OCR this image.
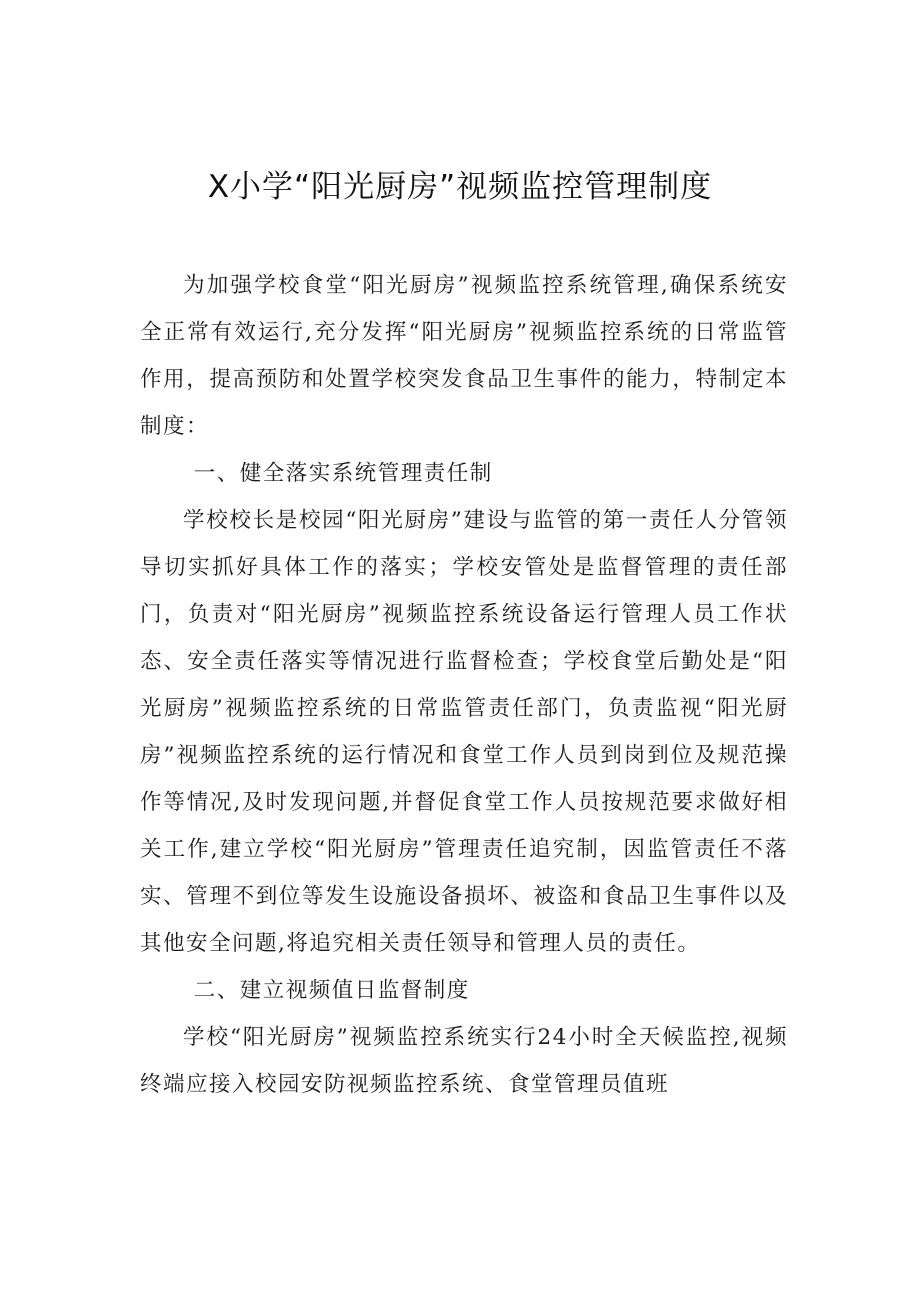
X小学“阳光厨房”视频监控管理制度

为加强学校食堂“阳光厨房”视频监控系统管理,确保系统安全正常有效运行,充分发挥“阳光厨房”视频监控系统的日常监管作用，提高预防和处置学校突发食品卫生事件的能力，特制定本制度：

一、健全落实系统管理责任制

学校校长是校园“阳光厨房”建设与监管的第一责任人分管领导切实抓好具体工作的落实；学校安管处是监督管理的责任部门，负责对“阳光厨房”视频监控系统设备运行管理人员工作状态、安全责任落实等情况进行监督检查；学校食堂后勤处是“阳光厨房”视频监控系统的日常监管责任部门，负责监视“阳光厨房”视频监控系统的运行情况和食堂工作人员到岗到位及规范操作等情况,及时发现问题,并督促食堂工作人员按规范要求做好相关工作,建立学校“阳光厨房”管理责任追究制，因监管责任不落实、管理不到位等发生设施设备损坏、被盗和食品卫生事件以及其他安全问题,将追究相关责任领导和管理人员的责任。

二、建立视频值日监督制度

学校“阳光厨房”视频监控系统实行24小时全天候监控,视频终端应接入校园安防视频监控系统、食堂管理员值班
